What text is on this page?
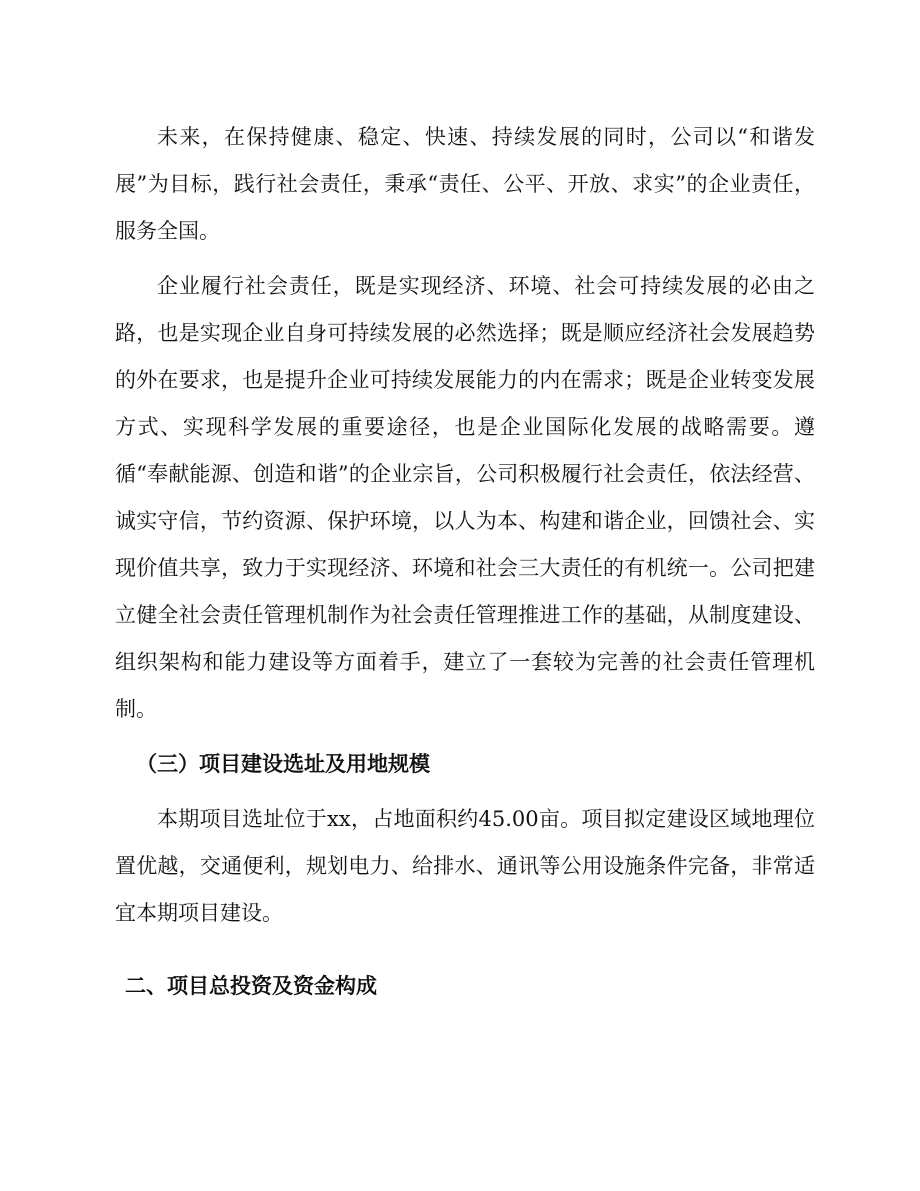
未来，在保持健康、稳定、快速、持续发展的同时，公司以“和谐发展”为目标，践行社会责任，秉承“责任、公平、开放、求实”的企业责任，服务全国。

企业履行社会责任，既是实现经济、环境、社会可持续发展的必由之路，也是实现企业自身可持续发展的必然选择；既是顺应经济社会发展趋势的外在要求，也是提升企业可持续发展能力的内在需求；既是企业转变发展方式、实现科学发展的重要途径，也是企业国际化发展的战略需要。遵循“奉献能源、创造和谐”的企业宗旨，公司积极履行社会责任，依法经营、诚实守信，节约资源、保护环境，以人为本、构建和谐企业，回馈社会、实现价值共享，致力于实现经济、环境和社会三大责任的有机统一。公司把建立健全社会责任管理机制作为社会责任管理推进工作的基础，从制度建设、组织架构和能力建设等方面着手，建立了一套较为完善的社会责任管理机制。

（三）项目建设选址及用地规模

本期项目选址位于xx，占地面积约45.00亩。项目拟定建设区域地理位置优越，交通便利，规划电力、给排水、通讯等公用设施条件完备，非常适宜本期项目建设。

二、项目总投资及资金构成
